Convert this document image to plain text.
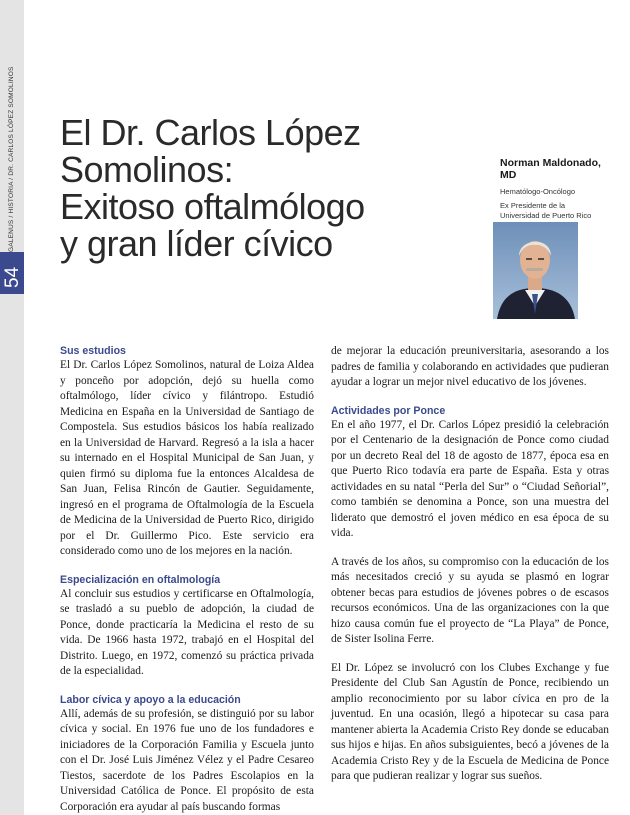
GALENUS / HISTORIA / DR. CARLOS LÓPEZ SOMOLINOS
54
El Dr. Carlos López
Somolinos:
Exitoso oftalmólogo
y gran líder cívico
Norman Maldonado,
MD
Hematólogo-Oncólogo
Ex Presidente de la
Universidad de Puerto Rico
Sus estudios

El Dr. Carlos López Somolinos, natural de Loiza Aldea y ponceño por adopción, dejó su huella como oftalmólogo, líder cívico y filántropo. Estudió Medicina en España en la Universidad de Santiago de Compostela. Sus estudios básicos los había realizado en la Universidad de Harvard. Regresó a la isla a hacer su internado en el Hospital Municipal de San Juan, y quien firmó su diploma fue la entonces Alcaldesa de San Juan, Felisa Rincón de Gautier. Seguidamente, ingresó en el programa de Oftalmología de la Escuela de Medicina de la Universidad de Puerto Rico, dirigido por el Dr. Guillermo Pico. Este servicio era considerado como uno de los mejores en la nación.

Especialización en oftalmología

Al concluir sus estudios y certificarse en Oftalmología, se trasladó a su pueblo de adopción, la ciudad de Ponce, donde practicaría la Medicina el resto de su vida. De 1966 hasta 1972, trabajó en el Hospital del Distrito. Luego, en 1972, comenzó su práctica privada de la especialidad.

Labor cívica y apoyo a la educación

Allí, además de su profesión, se distinguió por su labor cívica y social. En 1976 fue uno de los fundadores e iniciadores de la Corporación Familia y Escuela junto con el Dr. José Luis Jiménez Vélez y el Padre Cesareo Tiestos, sacerdote de los Padres Escolapios en la Universidad Católica de Ponce. El propósito de esta Corporación era ayudar al país buscando formas

de mejorar la educación preuniversitaria, asesorando a los padres de familia y colaborando en actividades que pudieran ayudar a lograr un mejor nivel educativo de los jóvenes.

Actividades por Ponce

En el año 1977, el Dr. Carlos López presidió la celebración por el Centenario de la designación de Ponce como ciudad por un decreto Real del 18 de agosto de 1877, época esa en que Puerto Rico todavía era parte de España. Esta y otras actividades en su natal “Perla del Sur” o “Ciudad Señorial”, como también se denomina a Ponce, son una muestra del liderato que demostró el joven médico en esa época de su vida.

A través de los años, su compromiso con la educación de los más necesitados creció y su ayuda se plasmó en lograr obtener becas para estudios de jóvenes pobres o de escasos recursos económicos. Una de las organizaciones con la que hizo causa común fue el proyecto de “La Playa” de Ponce, de Sister Isolina Ferre.

El Dr. López se involucró con los Clubes Exchange y fue Presidente del Club San Agustín de Ponce, recibiendo un amplio reconocimiento por su labor cívica en pro de la juventud. En una ocasión, llegó a hipotecar su casa para mantener abierta la Academia Cristo Rey donde se educaban sus hijos e hijas. En años subsiguientes, becó a jóvenes de la Academia Cristo Rey y de la Escuela de Medicina de Ponce para que pudieran realizar y lograr sus sueños.
